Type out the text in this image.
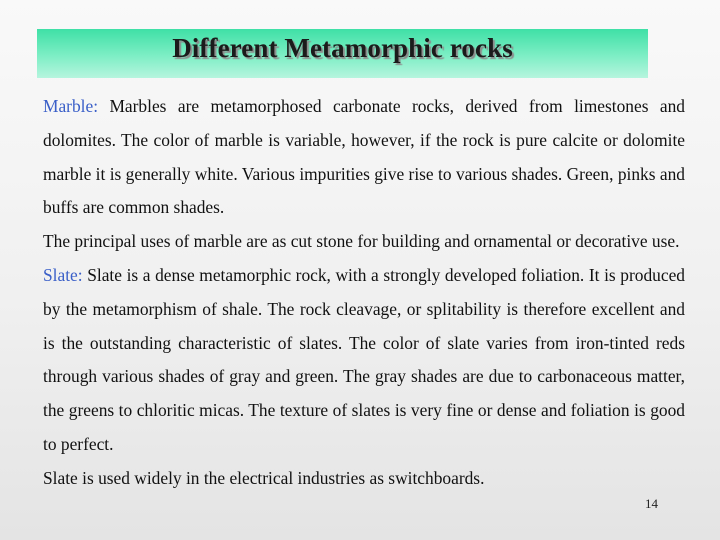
Different Metamorphic rocks

Marble: Marbles are metamorphosed carbonate rocks, derived from limestones and dolomites. The color of marble is variable, however, if the rock is pure calcite or dolomite marble it is generally white. Various impurities give rise to various shades. Green, pinks and buffs are common shades.

The principal uses of marble are as cut stone for building and ornamental or decorative use.

Slate: Slate is a dense metamorphic rock, with a strongly developed foliation. It is produced by the metamorphism of shale. The rock cleavage, or splitability is therefore excellent and is the outstanding characteristic of slates. The color of slate varies from iron-tinted reds through various shades of gray and green. The gray shades are due to carbonaceous matter, the greens to chloritic micas. The texture of slates is very fine or dense and foliation is good to perfect.

Slate is used widely in the electrical industries as switchboards.

14
